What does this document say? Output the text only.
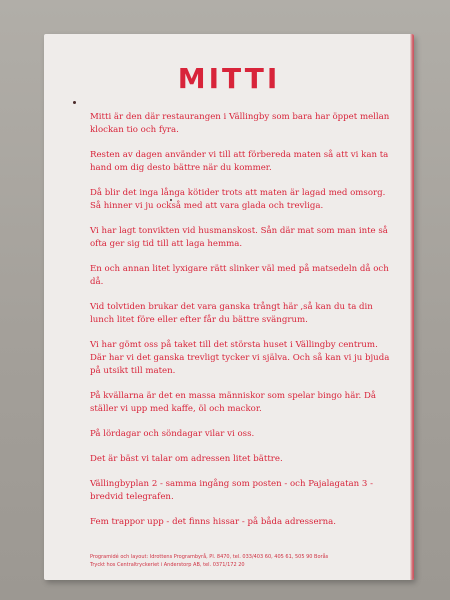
MITTI

Mitti är den där restaurangen i Vällingby som bara har öppet mellan klockan tio och fyra.

Resten av dagen använder vi till att förbereda maten så att vi kan ta hand om dig desto bättre när du kommer.

Då blir det inga långa kötider trots att maten är lagad med omsorg. Så hinner vi ju också med att vara glada och trevliga.

Vi har lagt tonvikten vid husmanskost. Sån där mat som man inte så ofta ger sig tid till att laga hemma.

En och annan litet lyxigare rätt slinker väl med på matsedeln då och då.

Vid tolvtiden brukar det vara ganska trångt här ,så kan du ta din lunch litet före eller efter får du bättre svängrum.

Vi har gömt oss på taket till det största huset i Vällingby centrum. Där har vi det ganska trevligt tycker vi själva. Och så kan vi ju bjuda på utsikt till maten.

På kvällarna är det en massa människor som spelar bingo här. Då ställer vi upp med kaffe, öl och mackor.

På lördagar och söndagar vilar vi oss.

Det är bäst vi talar om adressen litet bättre.

Vällingbyplan 2 - samma ingång som posten - och Pajalagatan 3 - bredvid telegrafen.

Fem trappor upp - det finns hissar - på båda adresserna.

Programidé och layout: Idrottens Programbyrå, Pl. 8470, tel. 033/403 60, 405 61, 505 90 Borås
Tryckt hos Centraltryckeriet i Anderstorp AB, tel. 0371/172 20
